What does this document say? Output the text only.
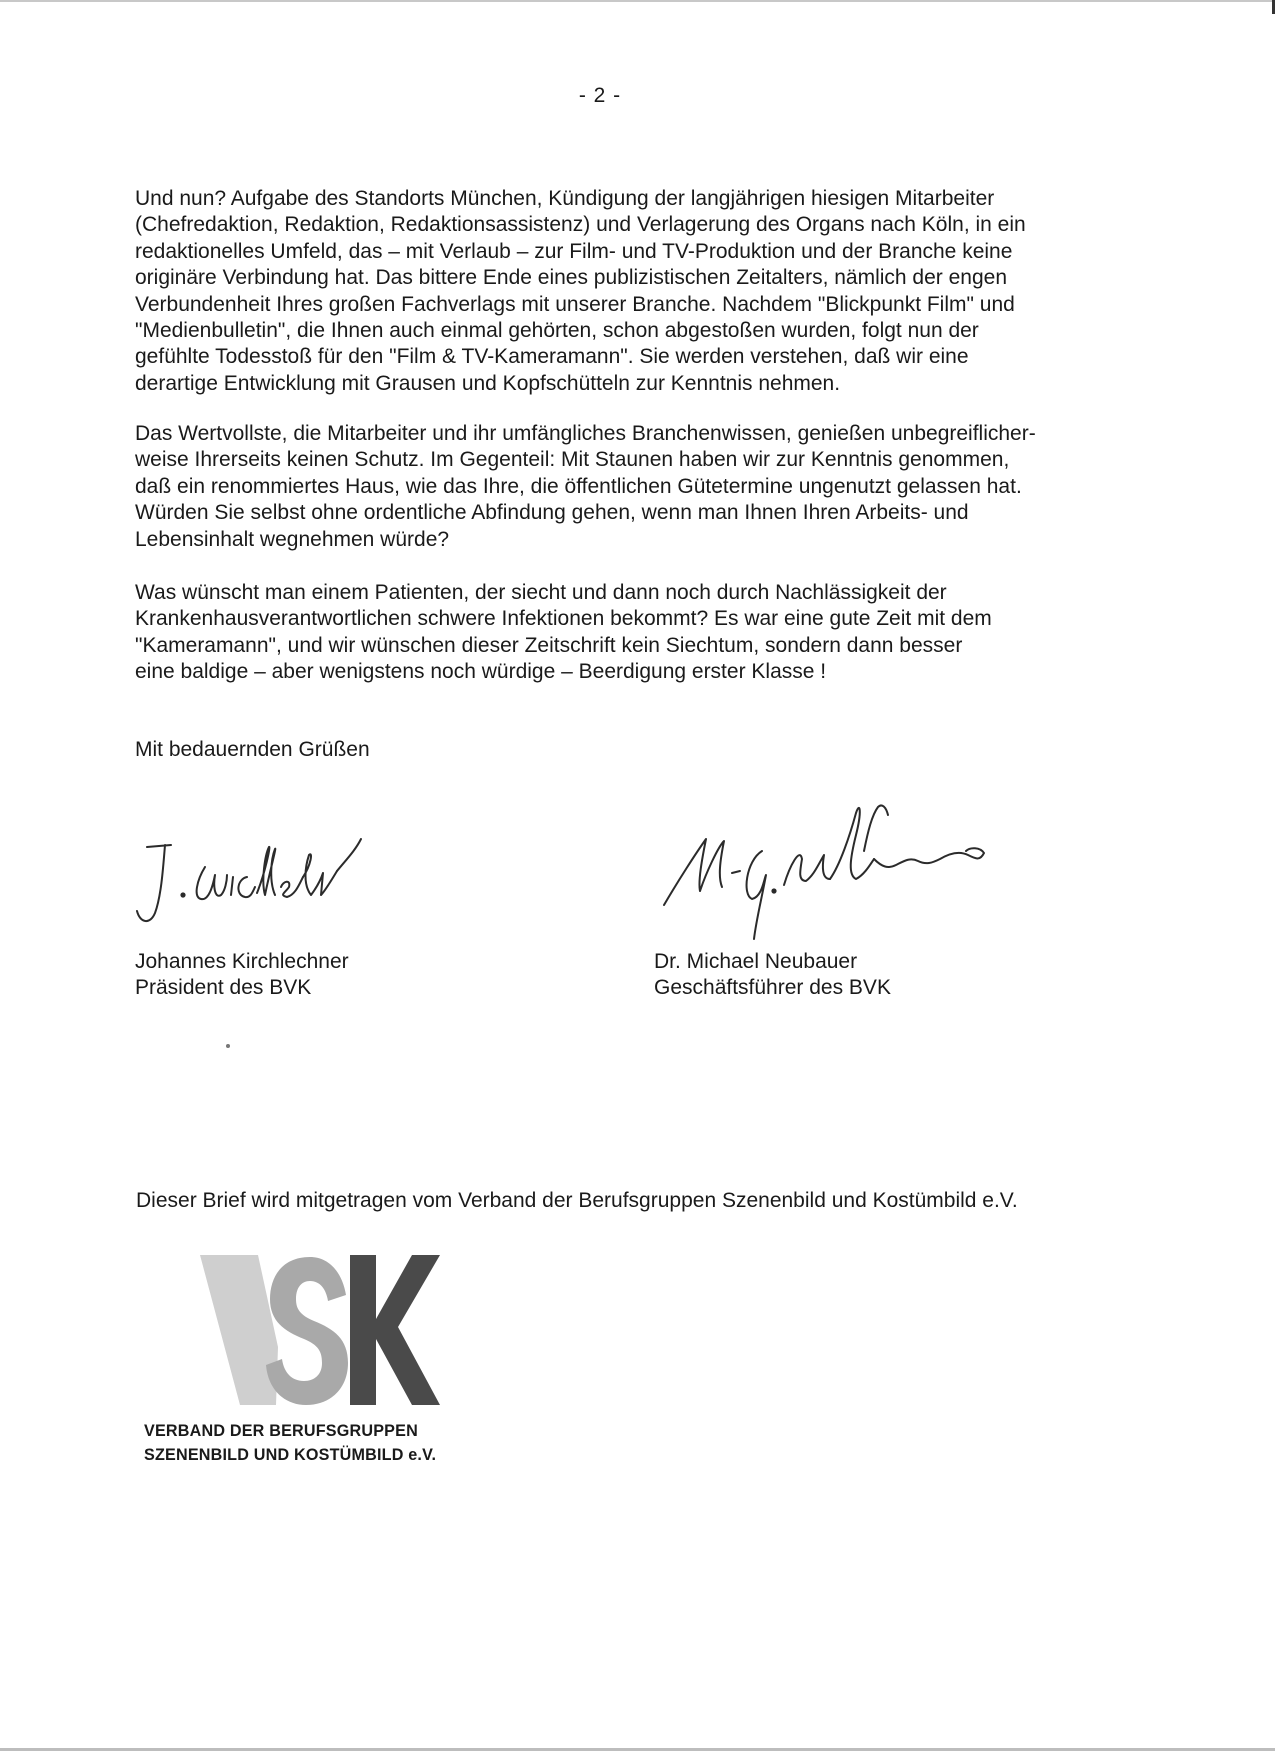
- 2 -
Und nun? Aufgabe des Standorts München, Kündigung der langjährigen hiesigen Mitarbeiter
(Chefredaktion, Redaktion, Redaktionsassistenz) und Verlagerung des Organs nach Köln, in ein
redaktionelles Umfeld, das – mit Verlaub – zur Film- und TV-Produktion und der Branche keine
originäre Verbindung hat. Das bittere Ende eines publizistischen Zeitalters, nämlich der engen
Verbundenheit Ihres großen Fachverlags mit unserer Branche. Nachdem "Blickpunkt Film" und
"Medienbulletin", die Ihnen auch einmal gehörten, schon abgestoßen wurden, folgt nun der
gefühlte Todesstoß für den "Film & TV-Kameramann". Sie werden verstehen, daß wir eine
derartige Entwicklung mit Grausen und Kopfschütteln zur Kenntnis nehmen.
Das Wertvollste, die Mitarbeiter und ihr umfängliches Branchenwissen, genießen unbegreiflicher-
weise Ihrerseits keinen Schutz. Im Gegenteil: Mit Staunen haben wir zur Kenntnis genommen,
daß ein renommiertes Haus, wie das Ihre, die öffentlichen Gütetermine ungenutzt gelassen hat.
Würden Sie selbst ohne ordentliche Abfindung gehen, wenn man Ihnen Ihren Arbeits- und
Lebensinhalt wegnehmen würde?
Was wünscht man einem Patienten, der siecht und dann noch durch Nachlässigkeit der
Krankenhausverantwortlichen schwere Infektionen bekommt? Es war eine gute Zeit mit dem
"Kameramann", und wir wünschen dieser Zeitschrift kein Siechtum, sondern dann besser
eine baldige – aber wenigstens noch würdige – Beerdigung erster Klasse !
Mit bedauernden Grüßen
Johannes Kirchlechner
Präsident des BVK
Dr. Michael Neubauer
Geschäftsführer des BVK
Dieser Brief wird mitgetragen vom Verband der Berufsgruppen Szenenbild und Kostümbild e.V.
VERBAND DER BERUFSGRUPPEN
SZENENBILD UND KOSTÜMBILD e.V.
